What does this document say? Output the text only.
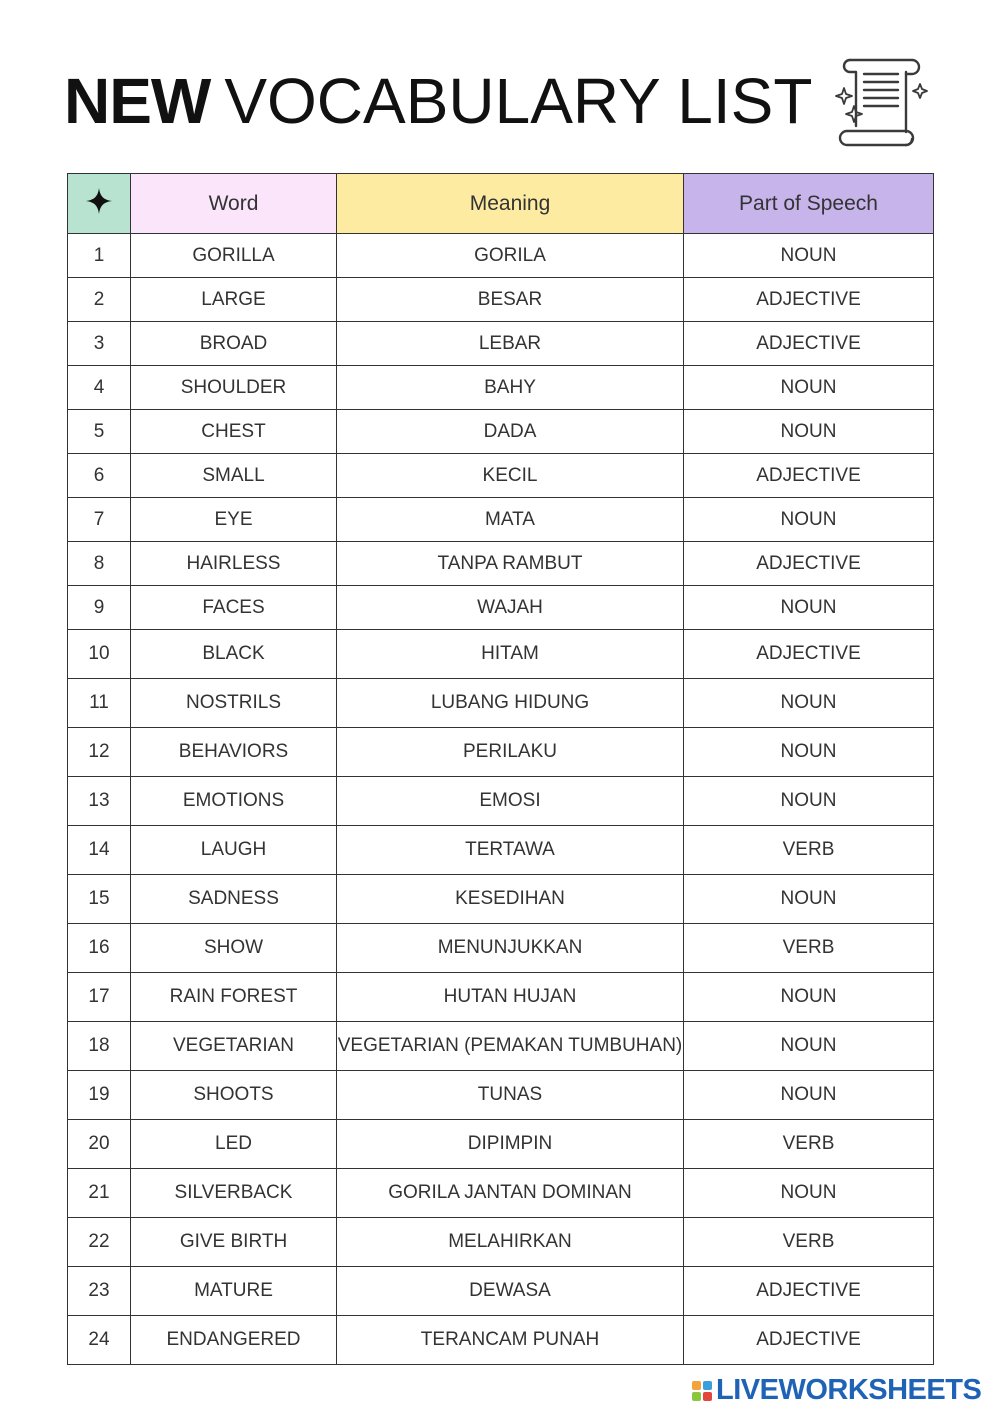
NEW VOCABULARY LIST
	Word	Meaning	Part of Speech
1	GORILLA	GORILA	NOUN
2	LARGE	BESAR	ADJECTIVE
3	BROAD	LEBAR	ADJECTIVE
4	SHOULDER	BAHY	NOUN
5	CHEST	DADA	NOUN
6	SMALL	KECIL	ADJECTIVE
7	EYE	MATA	NOUN
8	HAIRLESS	TANPA RAMBUT	ADJECTIVE
9	FACES	WAJAH	NOUN
10	BLACK	HITAM	ADJECTIVE
11	NOSTRILS	LUBANG HIDUNG	NOUN
12	BEHAVIORS	PERILAKU	NOUN
13	EMOTIONS	EMOSI	NOUN
14	LAUGH	TERTAWA	VERB
15	SADNESS	KESEDIHAN	NOUN
16	SHOW	MENUNJUKKAN	VERB
17	RAIN FOREST	HUTAN HUJAN	NOUN
18	VEGETARIAN	VEGETARIAN (PEMAKAN TUMBUHAN)	NOUN
19	SHOOTS	TUNAS	NOUN
20	LED	DIPIMPIN	VERB
21	SILVERBACK	GORILA JANTAN DOMINAN	NOUN
22	GIVE BIRTH	MELAHIRKAN	VERB
23	MATURE	DEWASA	ADJECTIVE
24	ENDANGERED	TERANCAM PUNAH	ADJECTIVE
LIVEWORKSHEETS
